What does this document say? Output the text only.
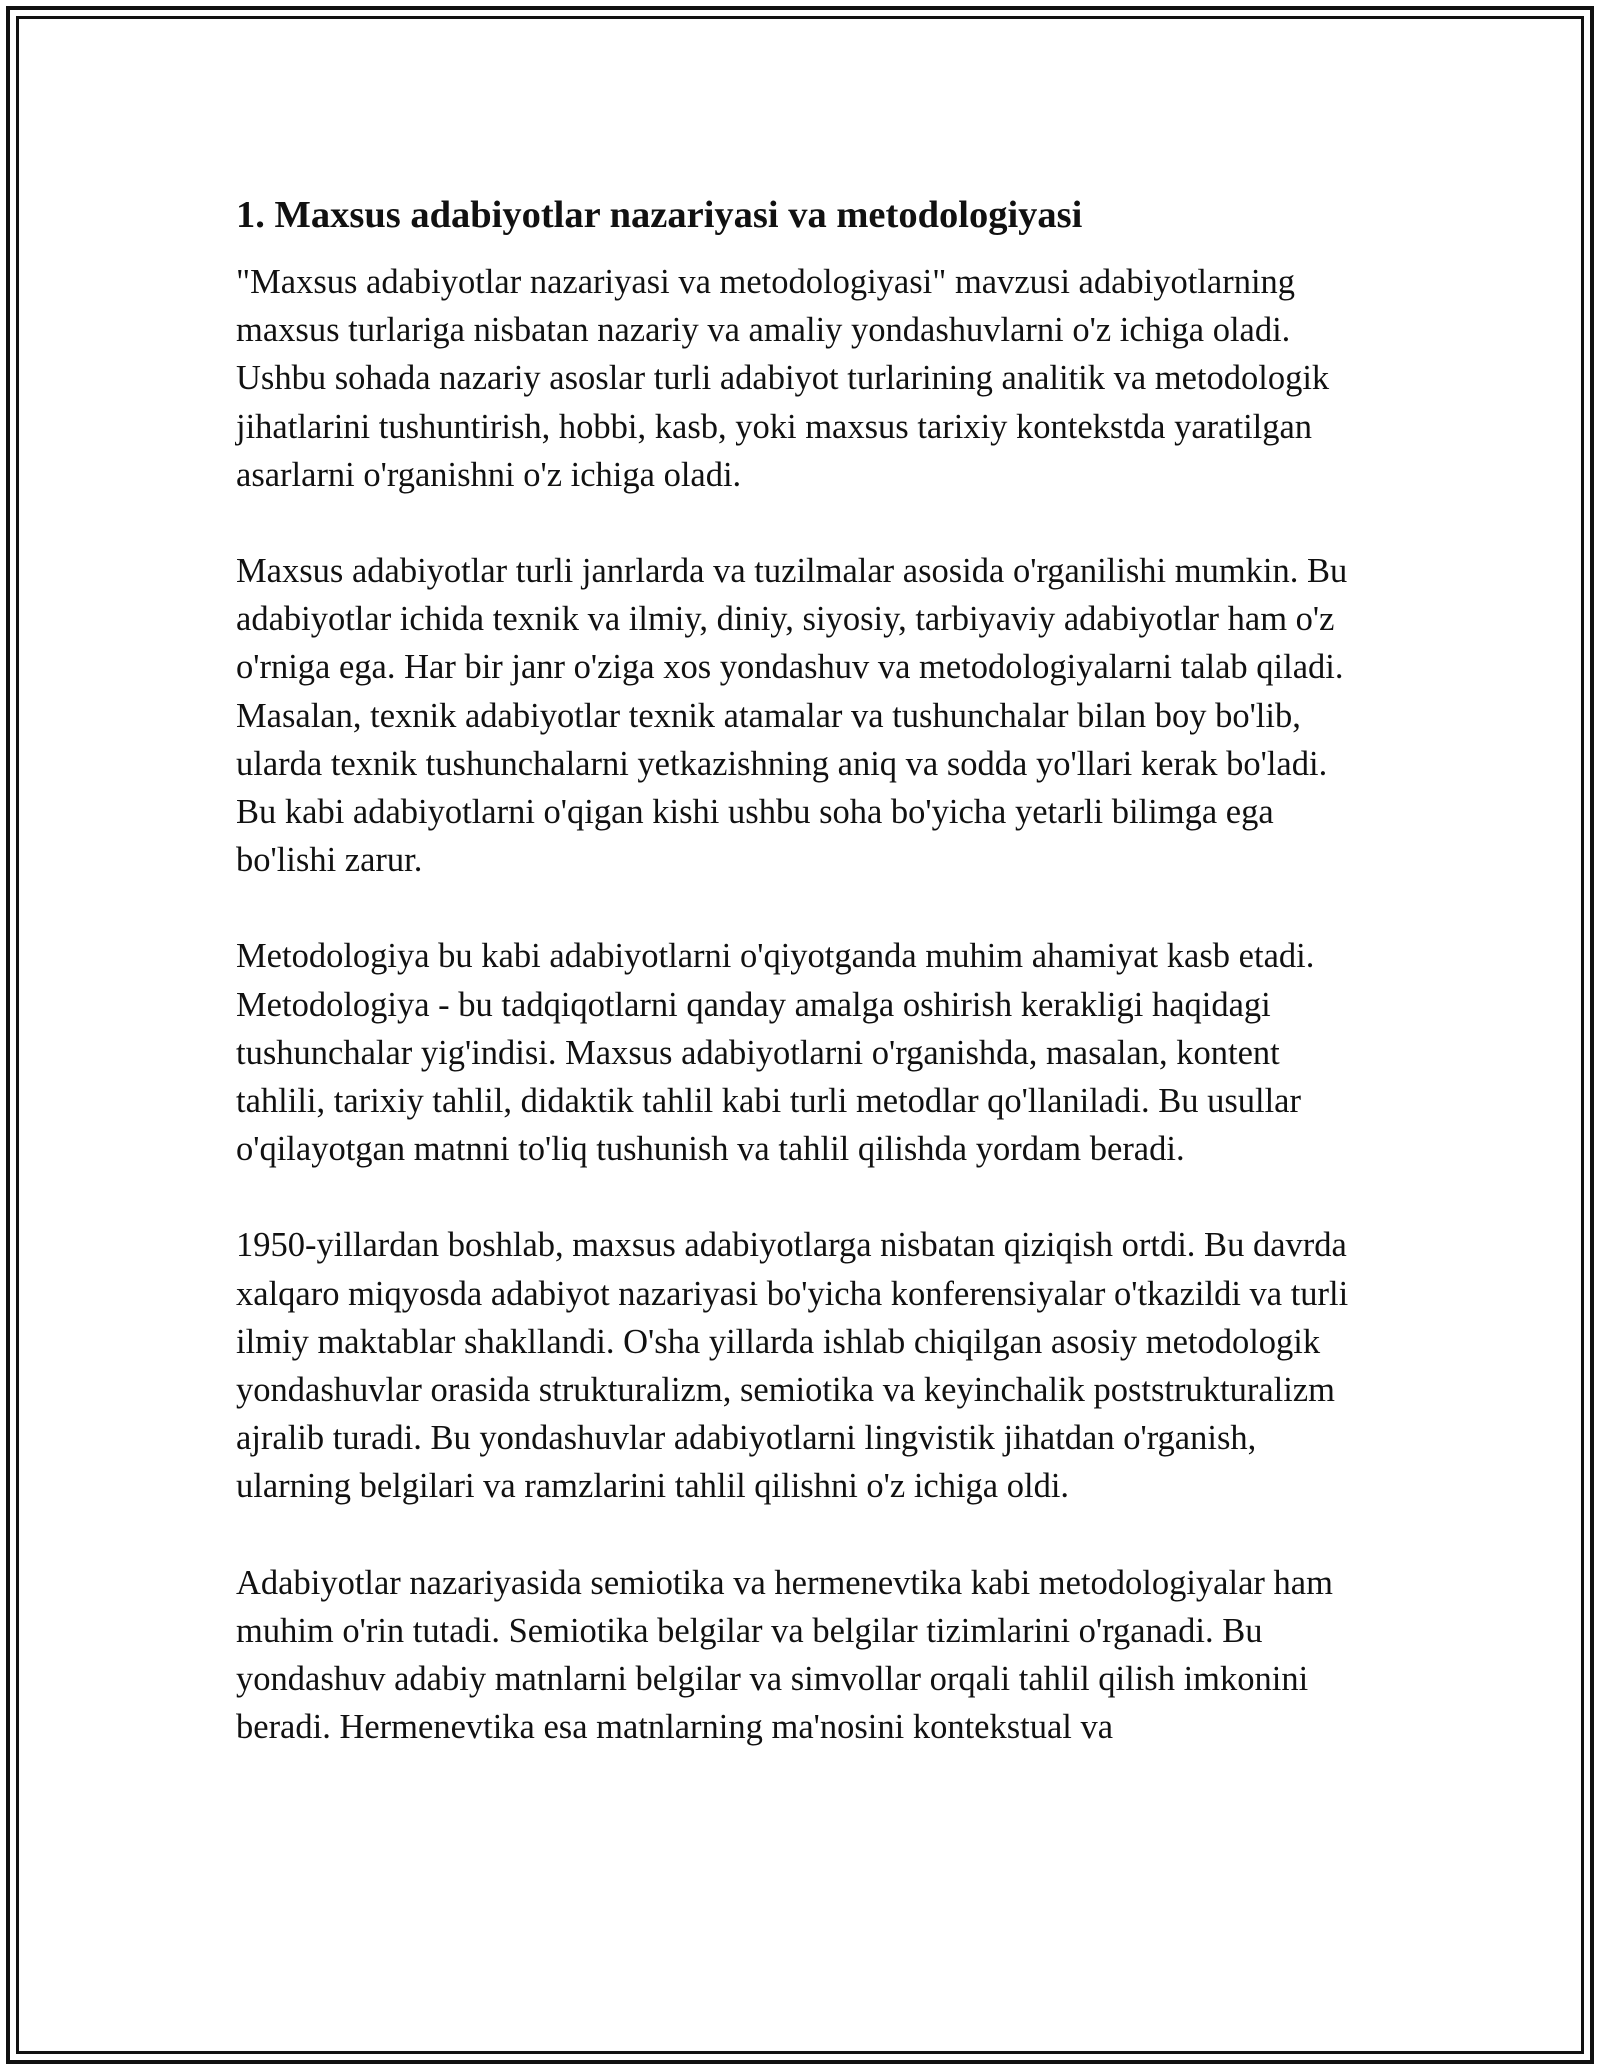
1. Maxsus adabiyotlar nazariyasi va metodologiyasi

"Maxsus adabiyotlar nazariyasi va metodologiyasi" mavzusi adabiyotlarning maxsus turlariga nisbatan nazariy va amaliy yondashuvlarni o'z ichiga oladi. Ushbu sohada nazariy asoslar turli adabiyot turlarining analitik va metodologik jihatlarini tushuntirish, hobbi, kasb, yoki maxsus tarixiy kontekstda yaratilgan asarlarni o'rganishni o'z ichiga oladi.

Maxsus adabiyotlar turli janrlarda va tuzilmalar asosida o'rganilishi mumkin. Bu adabiyotlar ichida texnik va ilmiy, diniy, siyosiy, tarbiyaviy adabiyotlar ham o'z o'rniga ega. Har bir janr o'ziga xos yondashuv va metodologiyalarni talab qiladi. Masalan, texnik adabiyotlar texnik atamalar va tushunchalar bilan boy bo'lib, ularda texnik tushunchalarni yetkazishning aniq va sodda yo'llari kerak bo'ladi. Bu kabi adabiyotlarni o'qigan kishi ushbu soha bo'yicha yetarli bilimga ega bo'lishi zarur.

Metodologiya bu kabi adabiyotlarni o'qiyotganda muhim ahamiyat kasb etadi. Metodologiya - bu tadqiqotlarni qanday amalga oshirish kerakligi haqidagi tushunchalar yig'indisi. Maxsus adabiyotlarni o'rganishda, masalan, kontent tahlili, tarixiy tahlil, didaktik tahlil kabi turli metodlar qo'llaniladi. Bu usullar o'qilayotgan matnni to'liq tushunish va tahlil qilishda yordam beradi.

1950-yillardan boshlab, maxsus adabiyotlarga nisbatan qiziqish ortdi. Bu davrda xalqaro miqyosda adabiyot nazariyasi bo'yicha konferensiyalar o'tkazildi va turli ilmiy maktablar shakllandi. O'sha yillarda ishlab chiqilgan asosiy metodologik yondashuvlar orasida strukturalizm, semiotika va keyinchalik poststrukturalizm ajralib turadi. Bu yondashuvlar adabiyotlarni lingvistik jihatdan o'rganish, ularning belgilari va ramzlarini tahlil qilishni o'z ichiga oldi.

Adabiyotlar nazariyasida semiotika va hermenevtika kabi metodologiyalar ham muhim o'rin tutadi. Semiotika belgilar va belgilar tizimlarini o'rganadi. Bu yondashuv adabiy matnlarni belgilar va simvollar orqali tahlil qilish imkonini beradi. Hermenevtika esa matnlarning ma'nosini kontekstual va
